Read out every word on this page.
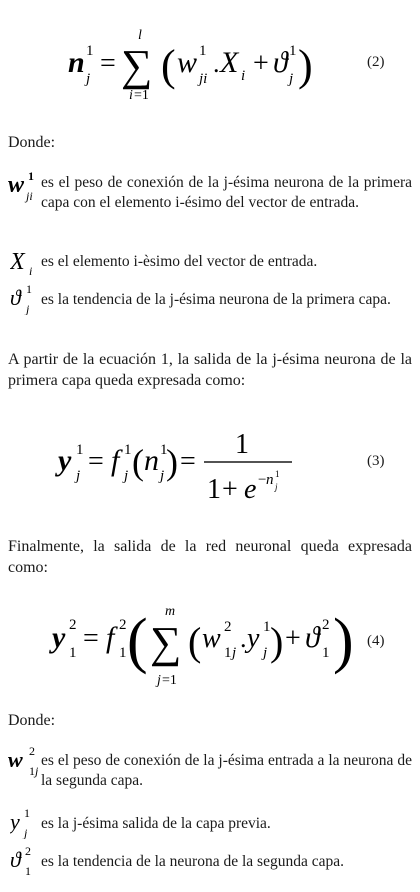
n 1
j = ∑
l
i =1
( w 1
ji
. X i + ϑ 1
j )	(2)
Donde:
w 1
ji
es el peso de conexión de la j-ésima neurona de la primera capa con el elemento i-ésimo del vector de entrada.
X i
es el elemento i-èsimo del vector de entrada.
ϑ 1
j
es la tendencia de la j-ésima neurona de la primera capa.
A partir de la ecuación 1, la salida de la j-ésima neurona de la primera capa queda expresada como:
y 1
j = f 1
j ( n 1
j ) =
1
1 + e − n 1
j
(3)
Finalmente, la salida de la red neuronal queda expresada como:
y 2
1 = f 2
1 ( ∑
m
j =1
( w 2
1 j . y 1
j ) + ϑ 2
1 ) (4)
Donde:
w 2
1 j
es el peso de conexión de la j-ésima entrada a la neurona de la segunda capa.
y 1
j
es la j-ésima salida de la capa previa.
ϑ 2
1
es la tendencia de la neurona de la segunda capa.
